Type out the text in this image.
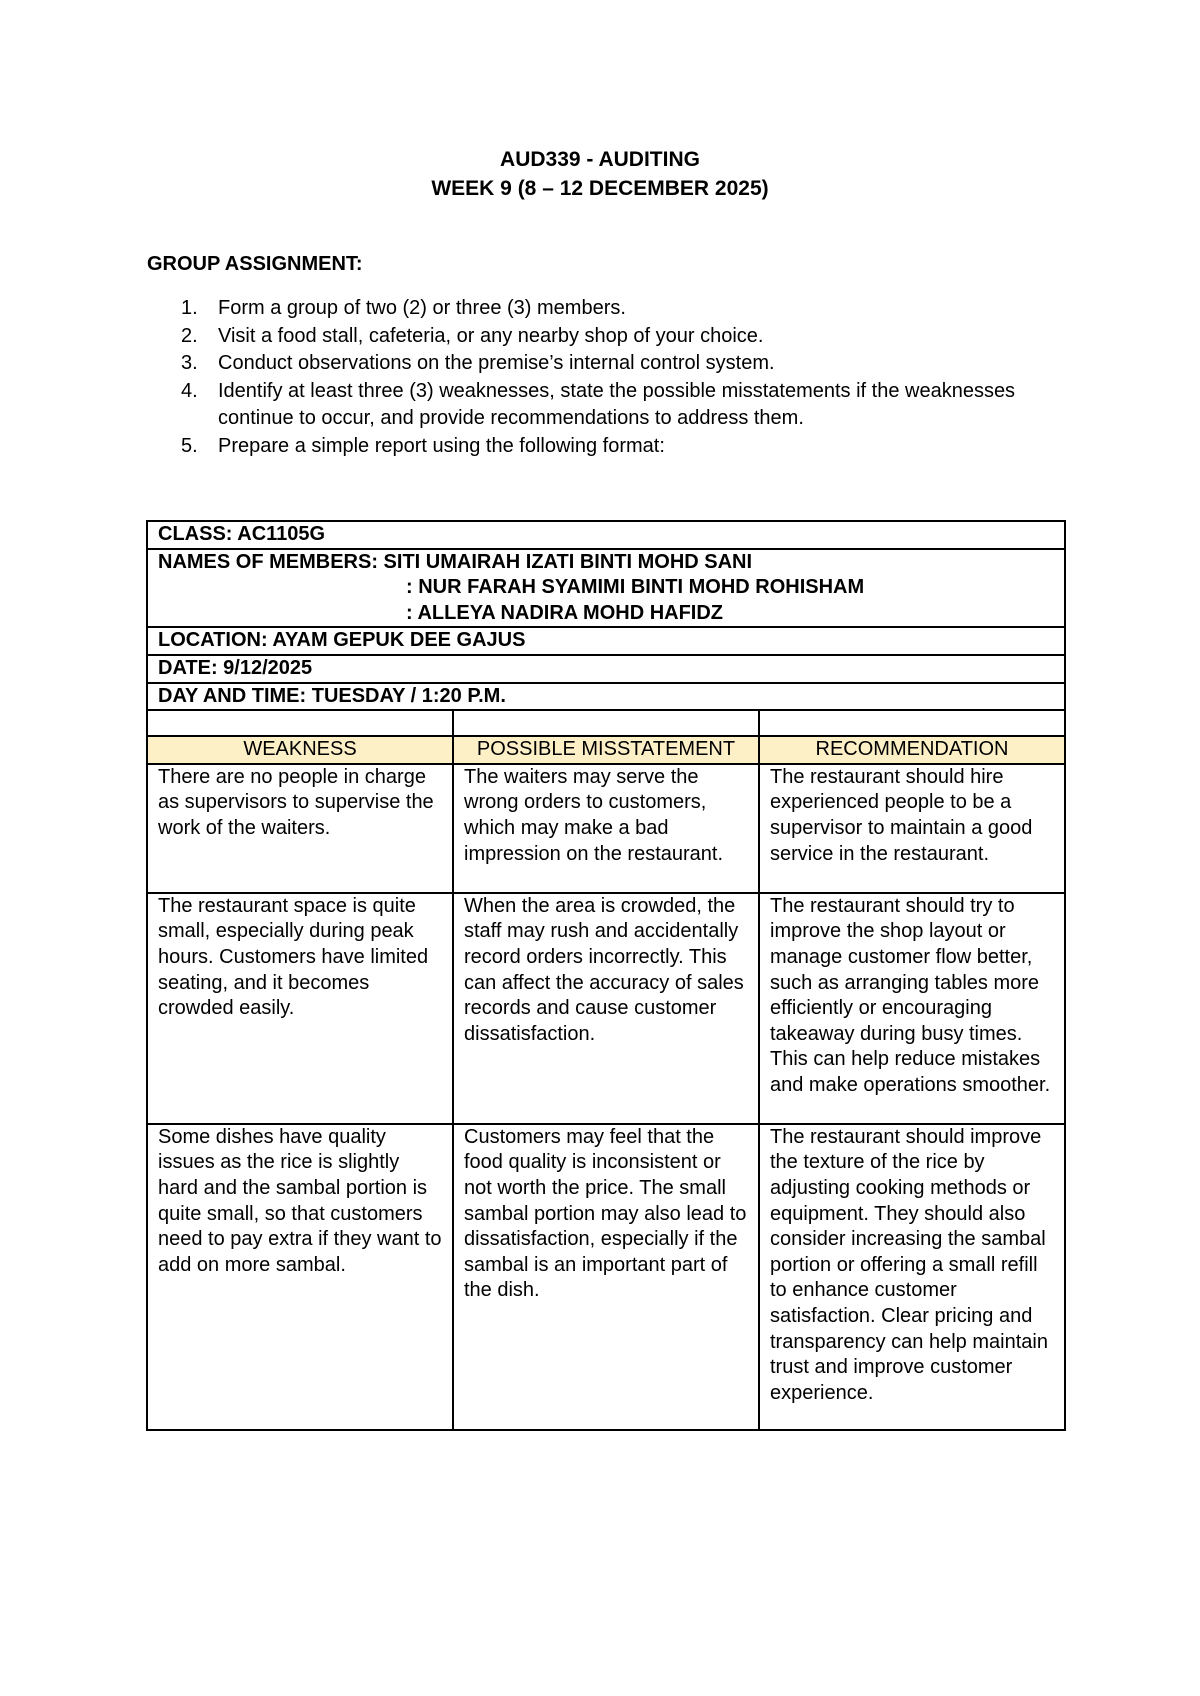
AUD339 - AUDITING
WEEK 9 (8 – 12 DECEMBER 2025)
GROUP ASSIGNMENT:
1.	Form a group of two (2) or three (3) members.
2.	Visit a food stall, cafeteria, or any nearby shop of your choice.
3.	Conduct observations on the premise’s internal control system.
4.	Identify at least three (3) weaknesses, state the possible misstatements if the weaknesses continue to occur, and provide recommendations to address them.
5.	Prepare a simple report using the following format:
CLASS: AC1105G		

NAMES OF MEMBERS: SITI UMAIRAH IZATI BINTI MOHD SANI
: NUR FARAH SYAMIMI BINTI MOHD ROHISHAM
: ALLEYA NADIRA MOHD HAFIDZ		

LOCATION: AYAM GEPUK DEE GAJUS		
DATE: 9/12/2025		
DAY AND TIME: TUESDAY / 1:20 P.M.		

WEAKNESS	POSSIBLE MISSTATEMENT	RECOMMENDATION
There are no people in charge as supervisors to supervise the work of the waiters.	The waiters may serve the wrong orders to customers, which may make a bad impression on the restaurant.	The restaurant should hire experienced people to be a supervisor to maintain a good service in the restaurant.
The restaurant space is quite small, especially during peak hours. Customers have limited seating, and it becomes crowded easily.	When the area is crowded, the staff may rush and accidentally record orders incorrectly. This can affect the accuracy of sales records and cause customer dissatisfaction.	The restaurant should try to improve the shop layout or manage customer flow better, such as arranging tables more efficiently or encouraging takeaway during busy times. This can help reduce mistakes and make operations smoother.
Some dishes have quality issues as the rice is slightly hard and the sambal portion is quite small, so that customers need to pay extra if they want to add on more sambal.	Customers may feel that the food quality is inconsistent or not worth the price. The small sambal portion may also lead to dissatisfaction, especially if the sambal is an important part of the dish.	The restaurant should improve the texture of the rice by adjusting cooking methods or equipment. They should also consider increasing the sambal portion or offering a small refill to enhance customer satisfaction. Clear pricing and transparency can help maintain trust and improve customer experience.
